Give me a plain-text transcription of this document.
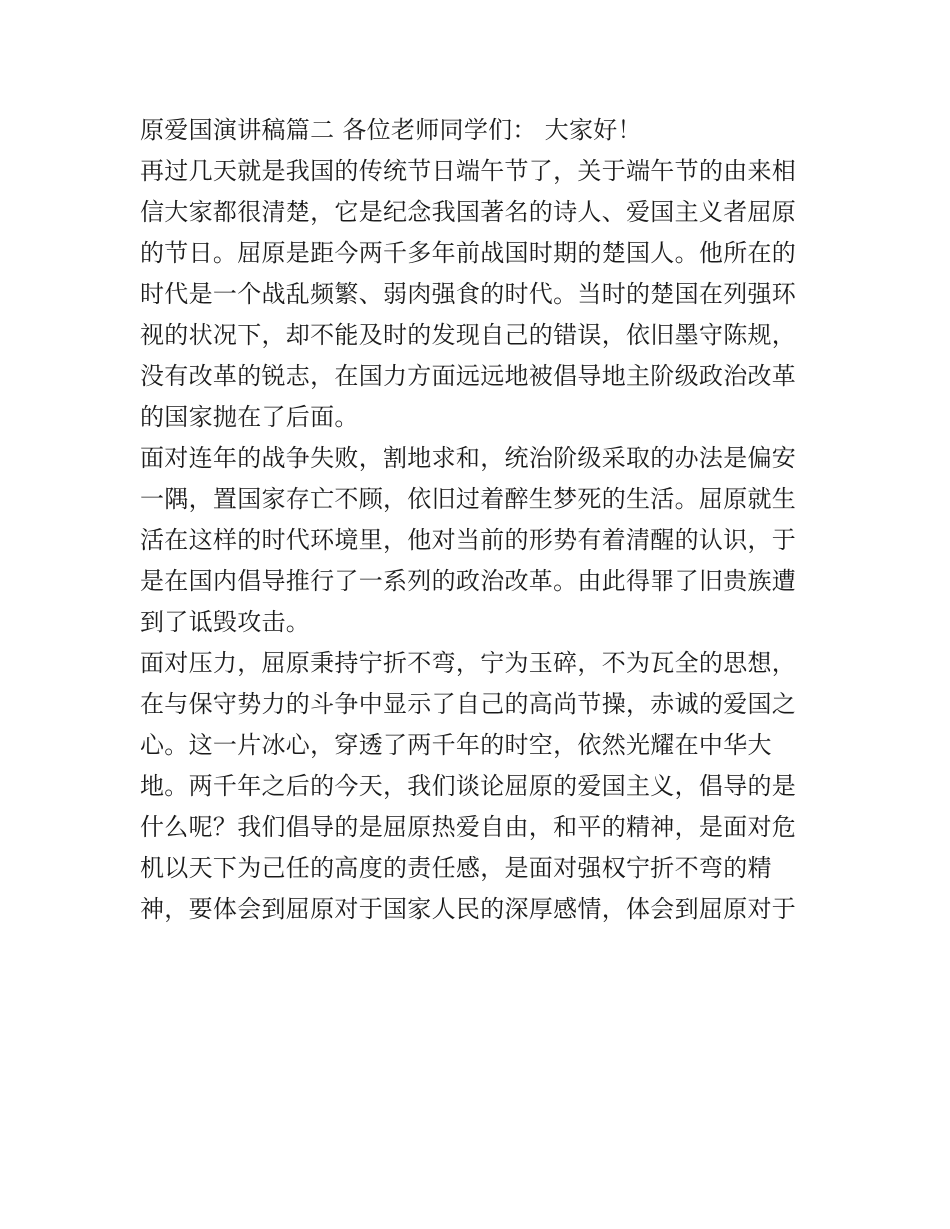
原爱国演讲稿篇二 各位老师同学们： 大家好！
再过几天就是我国的传统节日端午节了，关于端午节的由来相
信大家都很清楚，它是纪念我国著名的诗人、爱国主义者屈原
的节日。屈原是距今两千多年前战国时期的楚国人。他所在的
时代是一个战乱频繁、弱肉强食的时代。当时的楚国在列强环
视的状况下，却不能及时的发现自己的错误，依旧墨守陈规，
没有改革的锐志，在国力方面远远地被倡导地主阶级政治改革
的国家抛在了后面。
面对连年的战争失败，割地求和，统治阶级采取的办法是偏安
一隅，置国家存亡不顾，依旧过着醉生梦死的生活。屈原就生
活在这样的时代环境里，他对当前的形势有着清醒的认识，于
是在国内倡导推行了一系列的政治改革。由此得罪了旧贵族遭
到了诋毁攻击。
面对压力，屈原秉持宁折不弯，宁为玉碎，不为瓦全的思想，
在与保守势力的斗争中显示了自己的高尚节操，赤诚的爱国之
心。这一片冰心，穿透了两千年的时空，依然光耀在中华大
地。两千年之后的今天，我们谈论屈原的爱国主义，倡导的是
什么呢？我们倡导的是屈原热爱自由，和平的精神，是面对危
机以天下为己任的高度的责任感，是面对强权宁折不弯的精
神，要体会到屈原对于国家人民的深厚感情，体会到屈原对于
